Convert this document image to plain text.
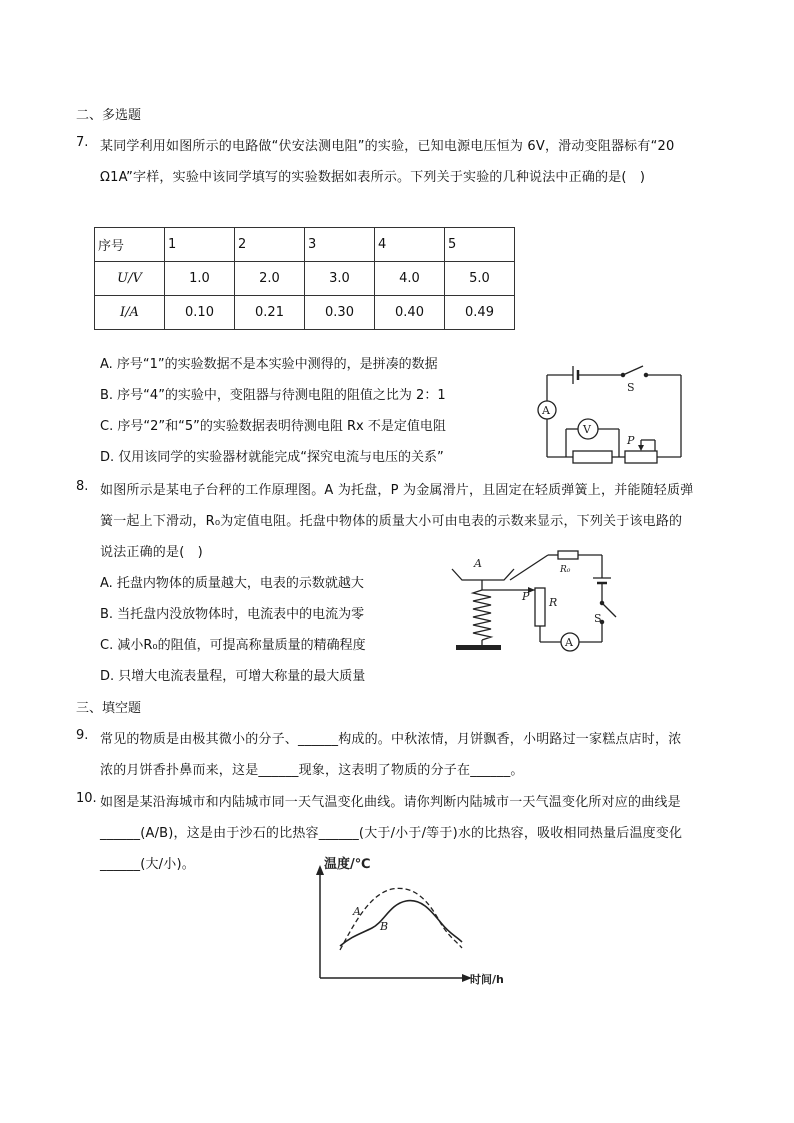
二、多选题
7. 某同学利用如图所示的电路做“伏安法测电阻”的实验，已知电源电压恒为 6V，滑动变阻器标有“20
Ω1A”字样，实验中该同学填写的实验数据如表所示。下列关于实验的几种说法中正确的是(　)
序号	1	2	3	4	5
U/V	1.0	2.0	3.0	4.0	5.0
I/A	0.10	0.21	0.30	0.40	0.49
A. 序号“1”的实验数据不是本实验中测得的，是拼凑的数据
B. 序号“4”的实验中，变阻器与待测电阻的阻值之比为 2：1
C. 序号“2”和“5”的实验数据表明待测电阻 Rx 不是定值电阻
D. 仅用该同学的实验器材就能完成“探究电流与电压的关系”
S
A
V
P
8. 如图所示是某电子台秤的工作原理图。A 为托盘，P 为金属滑片，且固定在轻质弹簧上，并能随轻质弹
簧一起上下滑动，R₀为定值电阻。托盘中物体的质量大小可由电表的示数来显示，下列关于该电路的
说法正确的是(　)
A. 托盘内物体的质量越大，电表的示数就越大
B. 当托盘内没放物体时，电流表中的电流为零
C. 减小R₀的阻值，可提高称量质量的精确程度
D. 只增大电流表量程，可增大称量的最大质量
A
P R
R₀
S
A
三、填空题
9. 常见的物质是由极其微小的分子、______构成的。中秋浓情，月饼飘香，小明路过一家糕点店时，浓
浓的月饼香扑鼻而来，这是______现象，这表明了物质的分子在______。
10. 如图是某沿海城市和内陆城市同一天气温变化曲线。请你判断内陆城市一天气温变化所对应的曲线是
______(A/B)，这是由于沙石的比热容______(大于/小于/等于)水的比热容，吸收相同热量后温度变化
______(大/小)。	温度/℃
时间/h
A
B
